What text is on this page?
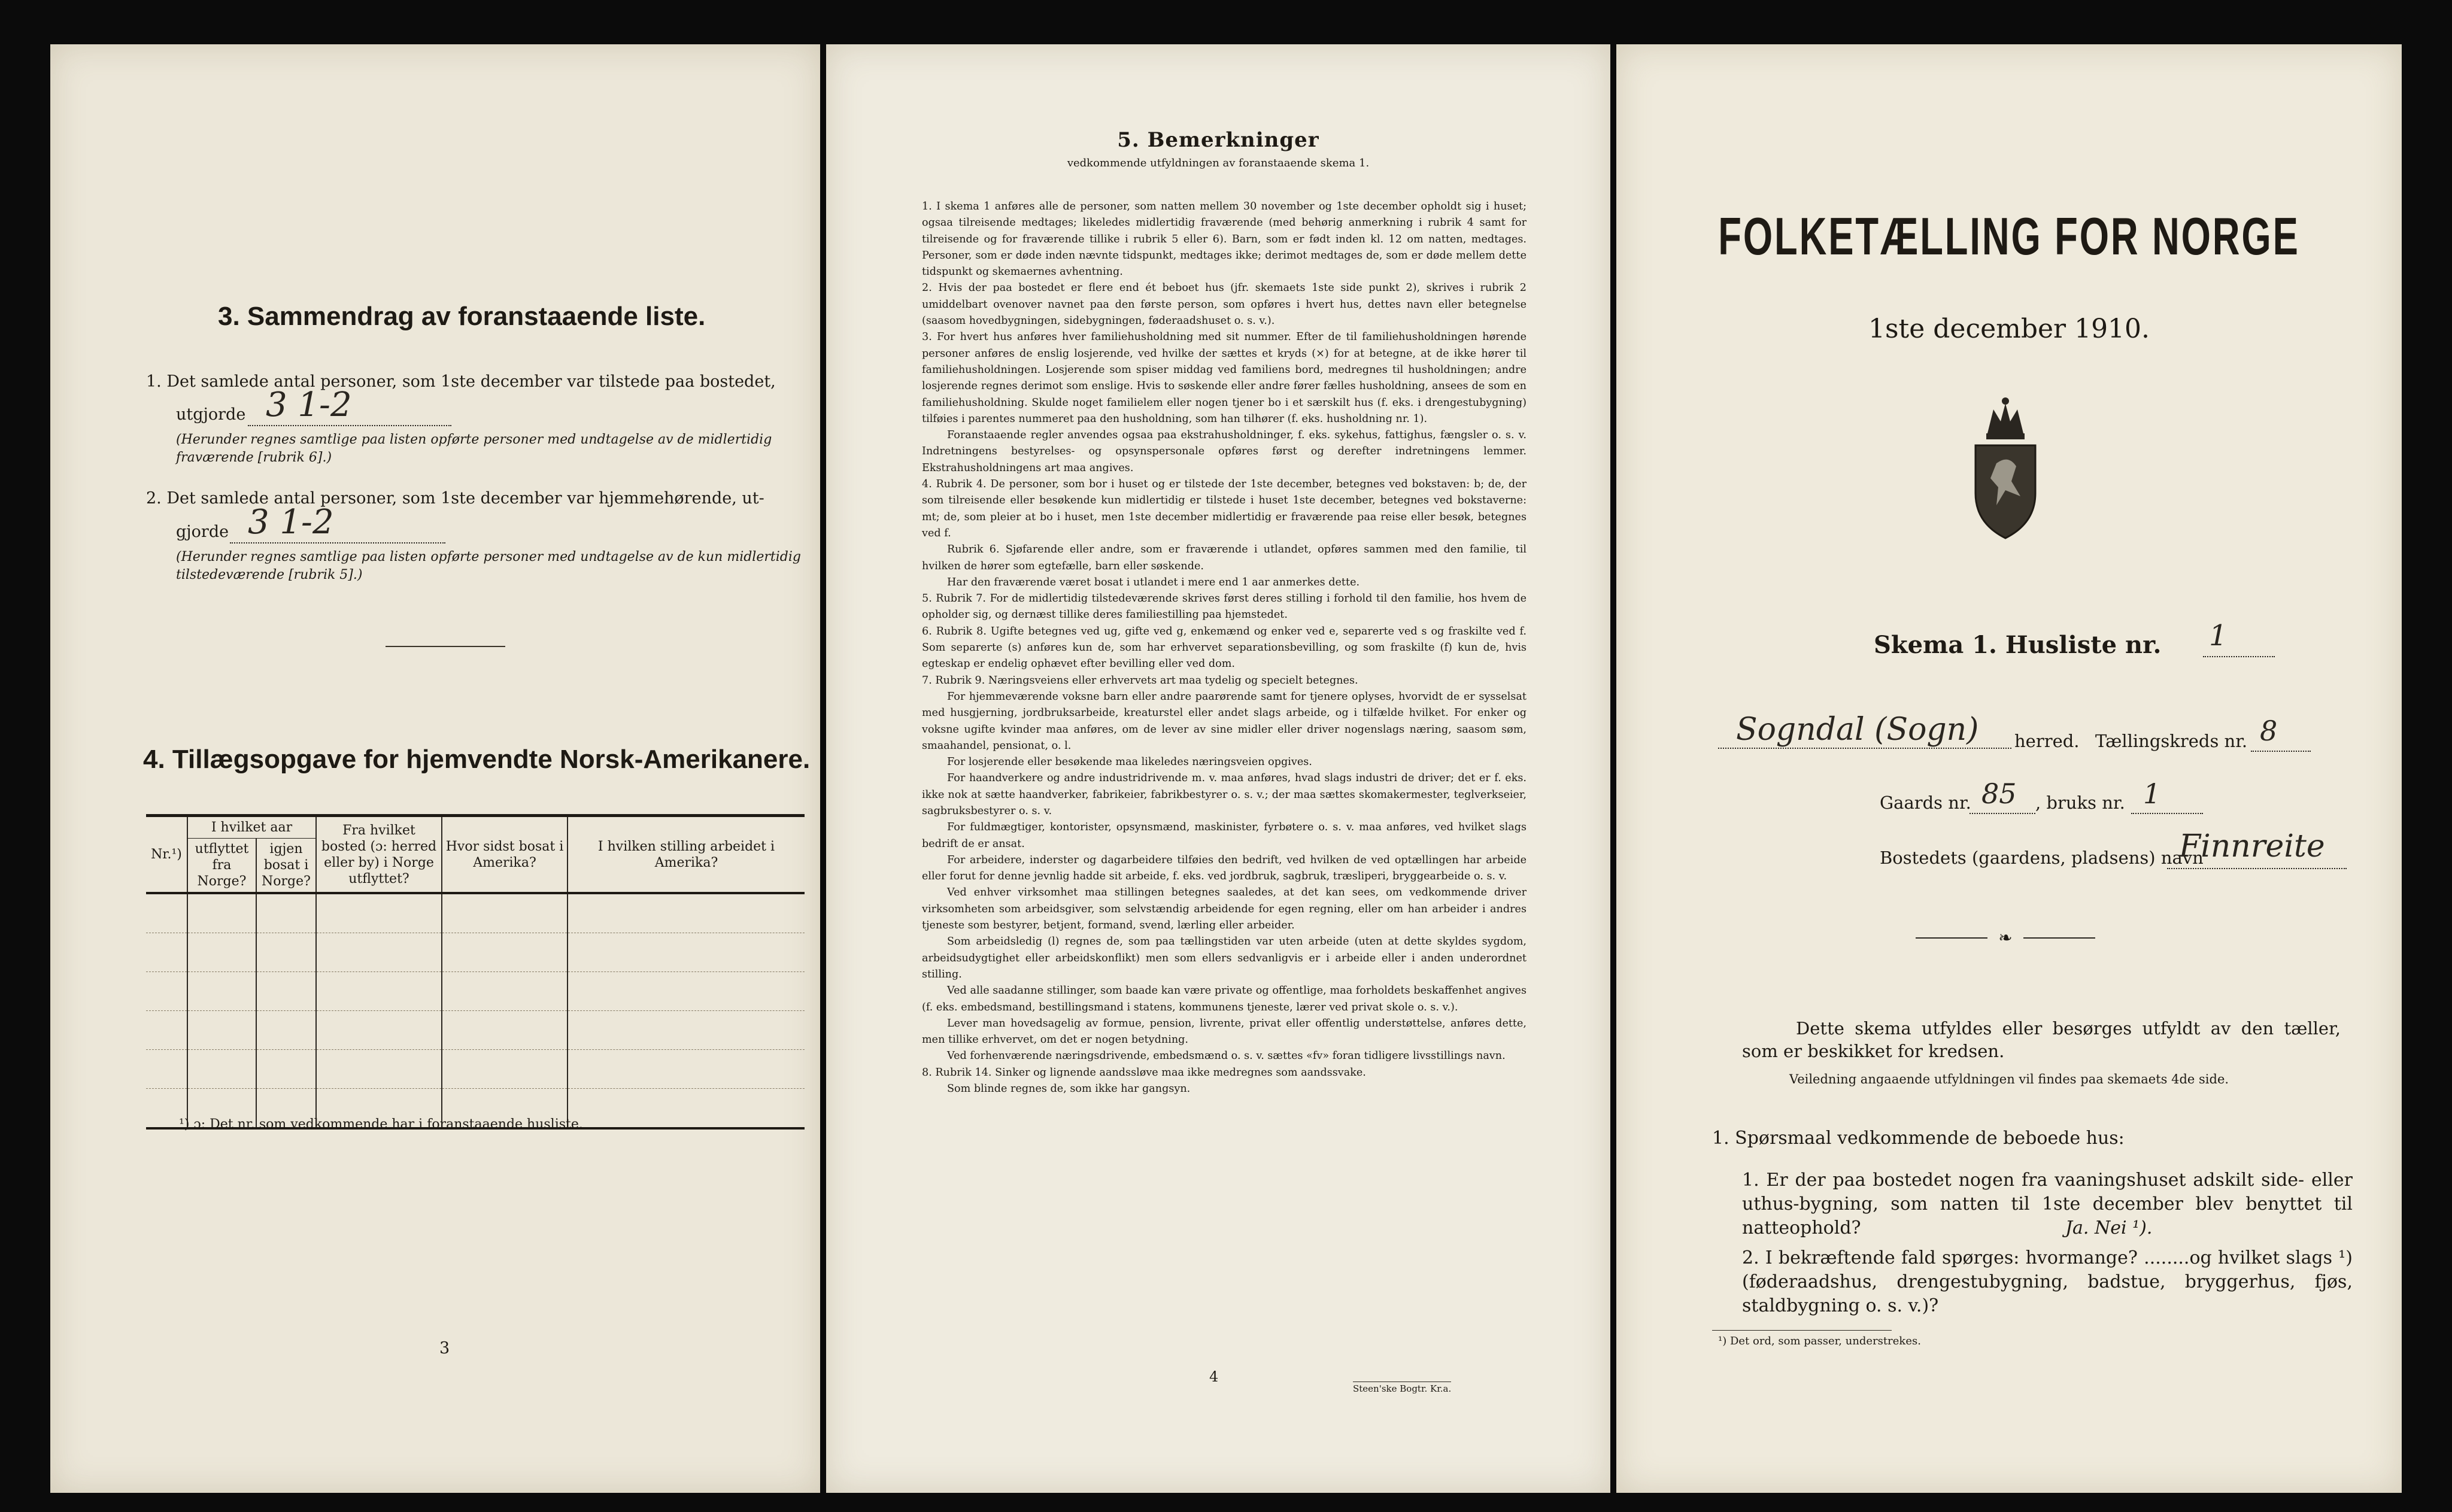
3. Sammendrag av foranstaaende liste.
1. Det samlede antal personer, som 1ste december var tilstede paa bostedet,
utgjorde 3 1-2
(Herunder regnes samtlige paa listen opførte personer med undtagelse av de midlertidig fraværende [rubrik 6].)
2. Det samlede antal personer, som 1ste december var hjemmehørende, ut-
gjorde 3 1-2
(Herunder regnes samtlige paa listen opførte personer med undtagelse av de kun midlertidig tilstedeværende [rubrik 5].)
4. Tillægsopgave for hjemvendte Norsk-Amerikanere.
Nr.¹)	I hvilket aar		Fra hvilket bosted (ɔ: herred eller by) i Norge utflyttet?	Hvor sidst bosat i Amerika?	I hvilken stilling arbeidet i Amerika?
	utflyttet fra Norge?	igjen bosat i Norge?			

¹) ɔ: Det nr. som vedkommende har i foranstaaende husliste.
3
5. Bemerkninger
vedkommende utfyldningen av foranstaaende skema 1.

1. I skema 1 anføres alle de personer, som natten mellem 30 november og 1ste december opholdt sig i huset; ogsaa tilreisende medtages; likeledes midlertidig fraværende (med behørig anmerkning i rubrik 4 samt for tilreisende og for fraværende tillike i rubrik 5 eller 6). Barn, som er født inden kl. 12 om natten, medtages. Personer, som er døde inden nævnte tidspunkt, medtages ikke; derimot medtages de, som er døde mellem dette tidspunkt og skemaernes avhentning.

2. Hvis der paa bostedet er flere end ét beboet hus (jfr. skemaets 1ste side punkt 2), skrives i rubrik 2 umiddelbart ovenover navnet paa den første person, som opføres i hvert hus, dettes navn eller betegnelse (saasom hovedbygningen, sidebygningen, føderaadshuset o. s. v.).

3. For hvert hus anføres hver familiehusholdning med sit nummer. Efter de til familiehusholdningen hørende personer anføres de enslig losjerende, ved hvilke der sættes et kryds (×) for at betegne, at de ikke hører til familiehusholdningen. Losjerende som spiser middag ved familiens bord, medregnes til husholdningen; andre losjerende regnes derimot som enslige. Hvis to søskende eller andre fører fælles husholdning, ansees de som en familiehusholdning. Skulde noget familielem eller nogen tjener bo i et særskilt hus (f. eks. i drengestubygning) tilføies i parentes nummeret paa den husholdning, som han tilhører (f. eks. husholdning nr. 1).

Foranstaaende regler anvendes ogsaa paa ekstrahusholdninger, f. eks. sykehus, fattighus, fængsler o. s. v. Indretningens bestyrelses- og opsynspersonale opføres først og derefter indretningens lemmer. Ekstrahusholdningens art maa angives.

4. Rubrik 4. De personer, som bor i huset og er tilstede der 1ste december, betegnes ved bokstaven: b; de, der som tilreisende eller besøkende kun midlertidig er tilstede i huset 1ste december, betegnes ved bokstaverne: mt; de, som pleier at bo i huset, men 1ste december midlertidig er fraværende paa reise eller besøk, betegnes ved f.

Rubrik 6. Sjøfarende eller andre, som er fraværende i utlandet, opføres sammen med den familie, til hvilken de hører som egtefælle, barn eller søskende.

Har den fraværende været bosat i utlandet i mere end 1 aar anmerkes dette.

5. Rubrik 7. For de midlertidig tilstedeværende skrives først deres stilling i forhold til den familie, hos hvem de opholder sig, og dernæst tillike deres familiestilling paa hjemstedet.

6. Rubrik 8. Ugifte betegnes ved ug, gifte ved g, enkemænd og enker ved e, separerte ved s og fraskilte ved f. Som separerte (s) anføres kun de, som har erhvervet separationsbevilling, og som fraskilte (f) kun de, hvis egteskap er endelig ophævet efter bevilling eller ved dom.

7. Rubrik 9. Næringsveiens eller erhvervets art maa tydelig og specielt betegnes.

For hjemmeværende voksne barn eller andre paarørende samt for tjenere oplyses, hvorvidt de er sysselsat med husgjerning, jordbruksarbeide, kreaturstel eller andet slags arbeide, og i tilfælde hvilket. For enker og voksne ugifte kvinder maa anføres, om de lever av sine midler eller driver nogenslags næring, saasom søm, smaahandel, pensionat, o. l.

For losjerende eller besøkende maa likeledes næringsveien opgives.

For haandverkere og andre industridrivende m. v. maa anføres, hvad slags industri de driver; det er f. eks. ikke nok at sætte haandverker, fabrikeier, fabrikbestyrer o. s. v.; der maa sættes skomakermester, teglverkseier, sagbruksbestyrer o. s. v.

For fuldmægtiger, kontorister, opsynsmænd, maskinister, fyrbøtere o. s. v. maa anføres, ved hvilket slags bedrift de er ansat.

For arbeidere, inderster og dagarbeidere tilføies den bedrift, ved hvilken de ved optællingen har arbeide eller forut for denne jevnlig hadde sit arbeide, f. eks. ved jordbruk, sagbruk, træsliperi, bryggearbeide o. s. v.

Ved enhver virksomhet maa stillingen betegnes saaledes, at det kan sees, om vedkommende driver virksomheten som arbeidsgiver, som selvstændig arbeidende for egen regning, eller om han arbeider i andres tjeneste som bestyrer, betjent, formand, svend, lærling eller arbeider.

Som arbeidsledig (l) regnes de, som paa tællingstiden var uten arbeide (uten at dette skyldes sygdom, arbeidsudygtighet eller arbeidskonflikt) men som ellers sedvanligvis er i arbeide eller i anden underordnet stilling.

Ved alle saadanne stillinger, som baade kan være private og offentlige, maa forholdets beskaffenhet angives (f. eks. embedsmand, bestillingsmand i statens, kommunens tjeneste, lærer ved privat skole o. s. v.).

Lever man hovedsagelig av formue, pension, livrente, privat eller offentlig understøttelse, anføres dette, men tillike erhvervet, om det er nogen betydning.

Ved forhenværende næringsdrivende, embedsmænd o. s. v. sættes «fv» foran tidligere livsstillings navn.

8. Rubrik 14. Sinker og lignende aandssløve maa ikke medregnes som aandssvake.

Som blinde regnes de, som ikke har gangsyn.

4
Steen'ske Bogtr. Kr.a.
FOLKETÆLLING FOR NORGE
1ste december 1910.
Skema 1. Husliste nr. 1
Sogndal (Sogn) herred. Tællingskreds nr. 8
Gaards nr. 85 , bruks nr. 1
Bostedets (gaardens, pladsens) navn
Finnreite
❧
Dette skema utfyldes eller besørges utfyldt av den tæller, som er beskikket for kredsen.
Veiledning angaaende utfyldningen vil findes paa skemaets 4de side.
1. Spørsmaal vedkommende de beboede hus:
1. Er der paa bostedet nogen fra vaaningshuset adskilt side- eller uthus-bygning, som natten til 1ste december blev benyttet til natteophold?	Ja. Nei ¹).
2. I bekræftende fald spørges: hvormange? ........og hvilket slags ¹) (føderaadshus, drengestubygning, badstue, bryggerhus, fjøs, staldbygning o. s. v.)?
¹) Det ord, som passer, understrekes.
